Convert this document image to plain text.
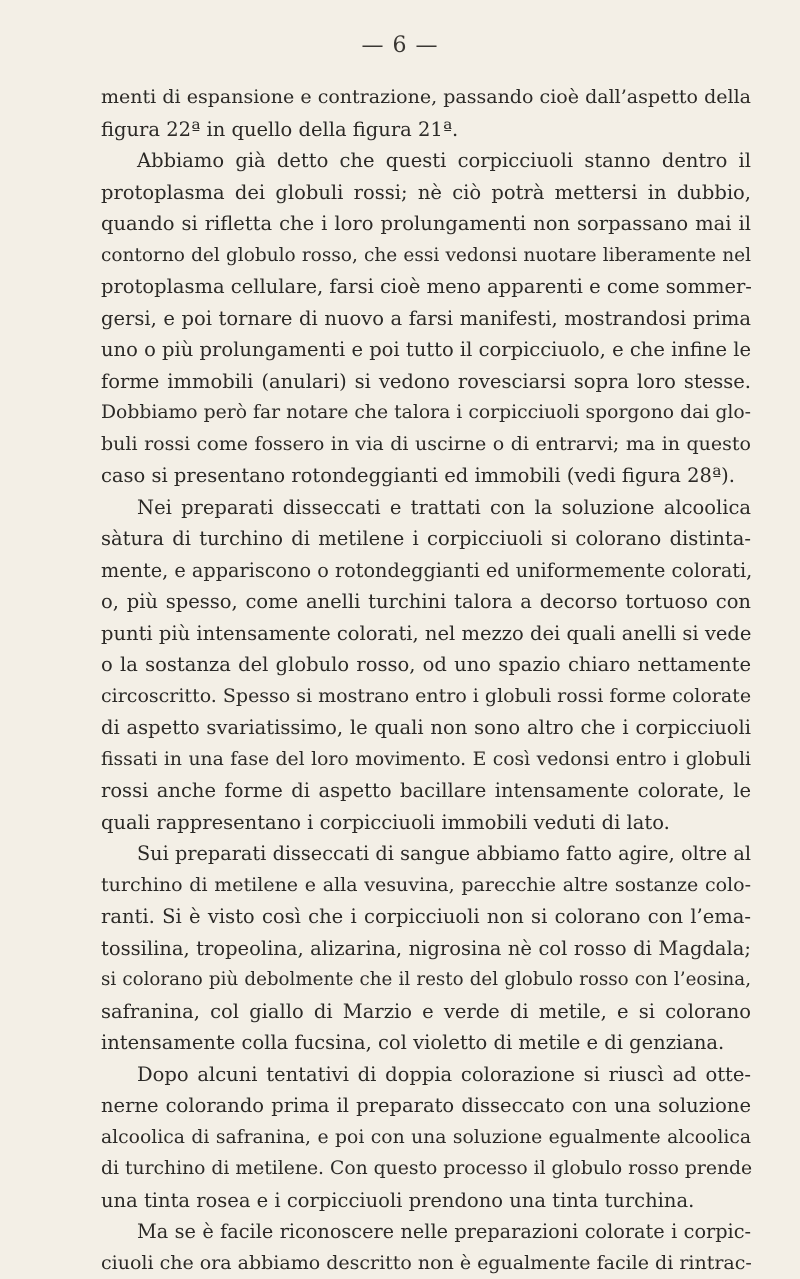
— 6 —
menti di espansione e contrazione, passando cioè dall’aspetto della
figura 22ª in quello della figura 21ª.
Abbiamo già detto che questi corpicciuoli stanno dentro il
protoplasma dei globuli rossi; nè ciò potrà mettersi in dubbio,
quando si rifletta che i loro prolungamenti non sorpassano mai il
contorno del globulo rosso, che essi vedonsi nuotare liberamente nel
protoplasma cellulare, farsi cioè meno apparenti e come sommer-
gersi, e poi tornare di nuovo a farsi manifesti, mostrandosi prima
uno o più prolungamenti e poi tutto il corpicciuolo, e che infine le
forme immobili (anulari) si vedono rovesciarsi sopra loro stesse.
Dobbiamo però far notare che talora i corpicciuoli sporgono dai glo-
buli rossi come fossero in via di uscirne o di entrarvi; ma in questo
caso si presentano rotondeggianti ed immobili (vedi figura 28ª).
Nei preparati disseccati e trattati con la soluzione alcoolica
sàtura di turchino di metilene i corpicciuoli si colorano distinta-
mente, e appariscono o rotondeggianti ed uniformemente colorati,
o, più spesso, come anelli turchini talora a decorso tortuoso con
punti più intensamente colorati, nel mezzo dei quali anelli si vede
o la sostanza del globulo rosso, od uno spazio chiaro nettamente
circoscritto. Spesso si mostrano entro i globuli rossi forme colorate
di aspetto svariatissimo, le quali non sono altro che i corpicciuoli
fissati in una fase del loro movimento. E così vedonsi entro i globuli
rossi anche forme di aspetto bacillare intensamente colorate, le
quali rappresentano i corpicciuoli immobili veduti di lato.
Sui preparati disseccati di sangue abbiamo fatto agire, oltre al
turchino di metilene e alla vesuvina, parecchie altre sostanze colo-
ranti. Si è visto così che i corpicciuoli non si colorano con l’ema-
tossilina, tropeolina, alizarina, nigrosina nè col rosso di Magdala;
si colorano più debolmente che il resto del globulo rosso con l’eosina,
safranina, col giallo di Marzio e verde di metile, e si colorano
intensamente colla fucsina, col violetto di metile e di genziana.
Dopo alcuni tentativi di doppia colorazione si riuscì ad otte-
nerne colorando prima il preparato disseccato con una soluzione
alcoolica di safranina, e poi con una soluzione egualmente alcoolica
di turchino di metilene. Con questo processo il globulo rosso prende
una tinta rosea e i corpicciuoli prendono una tinta turchina.
Ma se è facile riconoscere nelle preparazioni colorate i corpic-
ciuoli che ora abbiamo descritto non è egualmente facile di rintrac-
